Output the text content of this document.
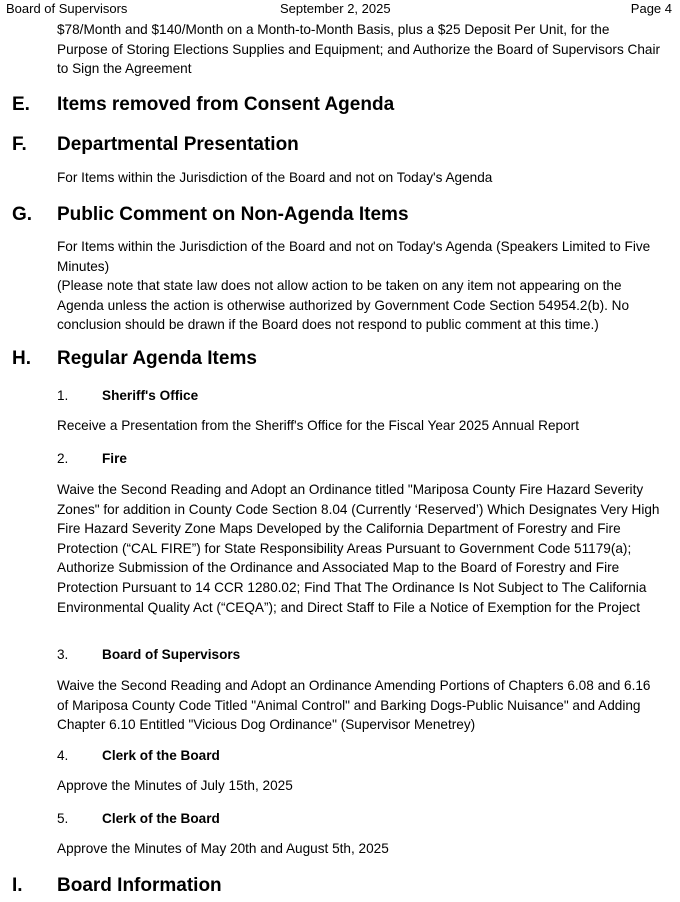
Board of Supervisors	September 2, 2025	Page 4

$78/Month and $140/Month on a Month-to-Month Basis, plus a $25 Deposit Per Unit, for the Purpose of Storing Elections Supplies and Equipment; and Authorize the Board of Supervisors Chair to Sign the Agreement

E. Items removed from Consent Agenda
F. Departmental Presentation

For Items within the Jurisdiction of the Board and not on Today's Agenda

G. Public Comment on Non-Agenda Items

For Items within the Jurisdiction of the Board and not on Today's Agenda (Speakers Limited to Five Minutes)

(Please note that state law does not allow action to be taken on any item not appearing on the Agenda unless the action is otherwise authorized by Government Code Section 54954.2(b). No conclusion should be drawn if the Board does not respond to public comment at this time.)

H. Regular Agenda Items
1. Sheriff's Office

Receive a Presentation from the Sheriff's Office for the Fiscal Year 2025 Annual Report

2. Fire

Waive the Second Reading and Adopt an Ordinance titled "Mariposa County Fire Hazard Severity Zones" for addition in County Code Section 8.04 (Currently ‘Reserved’) Which Designates Very High Fire Hazard Severity Zone Maps Developed by the California Department of Forestry and Fire Protection (“CAL FIRE”) for State Responsibility Areas Pursuant to Government Code 51179(a); Authorize Submission of the Ordinance and Associated Map to the Board of Forestry and Fire Protection Pursuant to 14 CCR 1280.02; Find That The Ordinance Is Not Subject to The California Environmental Quality Act (“CEQA”); and Direct Staff to File a Notice of Exemption for the Project

3. Board of Supervisors

Waive the Second Reading and Adopt an Ordinance Amending Portions of Chapters 6.08 and 6.16 of Mariposa County Code Titled "Animal Control" and Barking Dogs-Public Nuisance" and Adding Chapter 6.10 Entitled "Vicious Dog Ordinance" (Supervisor Menetrey)

4. Clerk of the Board

Approve the Minutes of July 15th, 2025

5. Clerk of the Board

Approve the Minutes of May 20th and August 5th, 2025

I. Board Information
